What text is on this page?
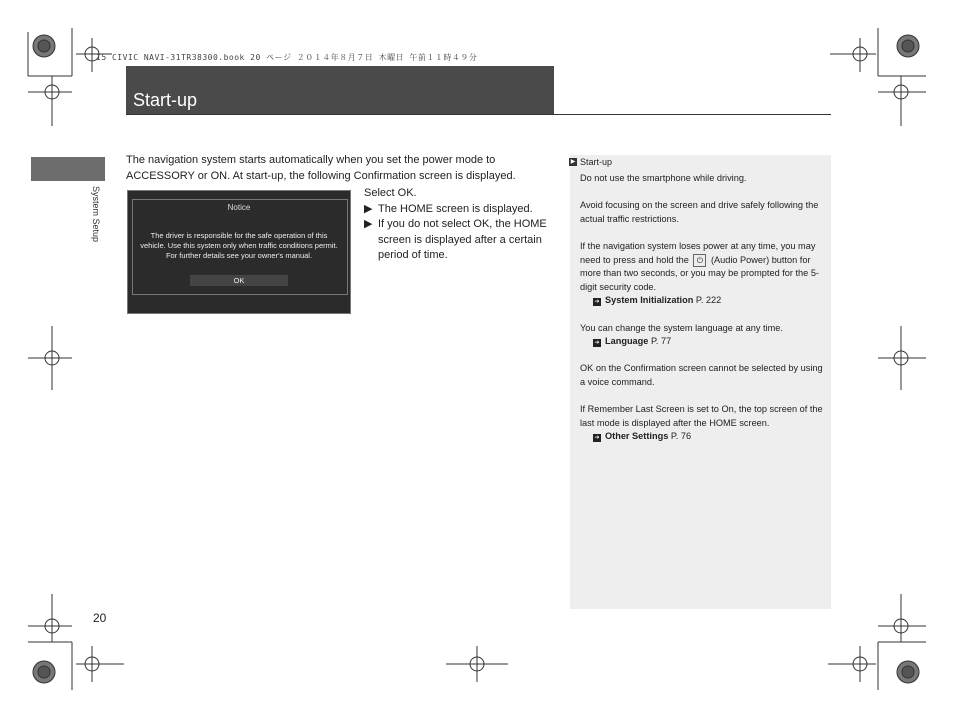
15 CIVIC NAVI-31TR38300.book 20 ページ ２０１４年８月７日 木曜日 午前１１時４９分
Start-up
System Setup
The navigation system starts automatically when you set the power mode to ACCESSORY or ON. At start-up, the following Confirmation screen is displayed.
Notice
The driver is responsible for the safe operation of this vehicle. Use this system only when traffic conditions permit. For further details see your owner's manual.
OK
Select OK.
▶ The HOME screen is displayed.
▶ If you do not select OK, the HOME screen is displayed after a certain period of time.
▶ Start-up

Do not use the smartphone while driving.

Avoid focusing on the screen and drive safely following the actual traffic restrictions.

If the navigation system loses power at any time, you may need to press and hold the ⏻ (Audio Power) button for more than two seconds, or you may be prompted for the 5-digit security code.

➔ System Initialization P. 222

You can change the system language at any time.

➔ Language P. 77

OK on the Confirmation screen cannot be selected by using a voice command.

If Remember Last Screen is set to On, the top screen of the last mode is displayed after the HOME screen.

➔ Other Settings P. 76

20
